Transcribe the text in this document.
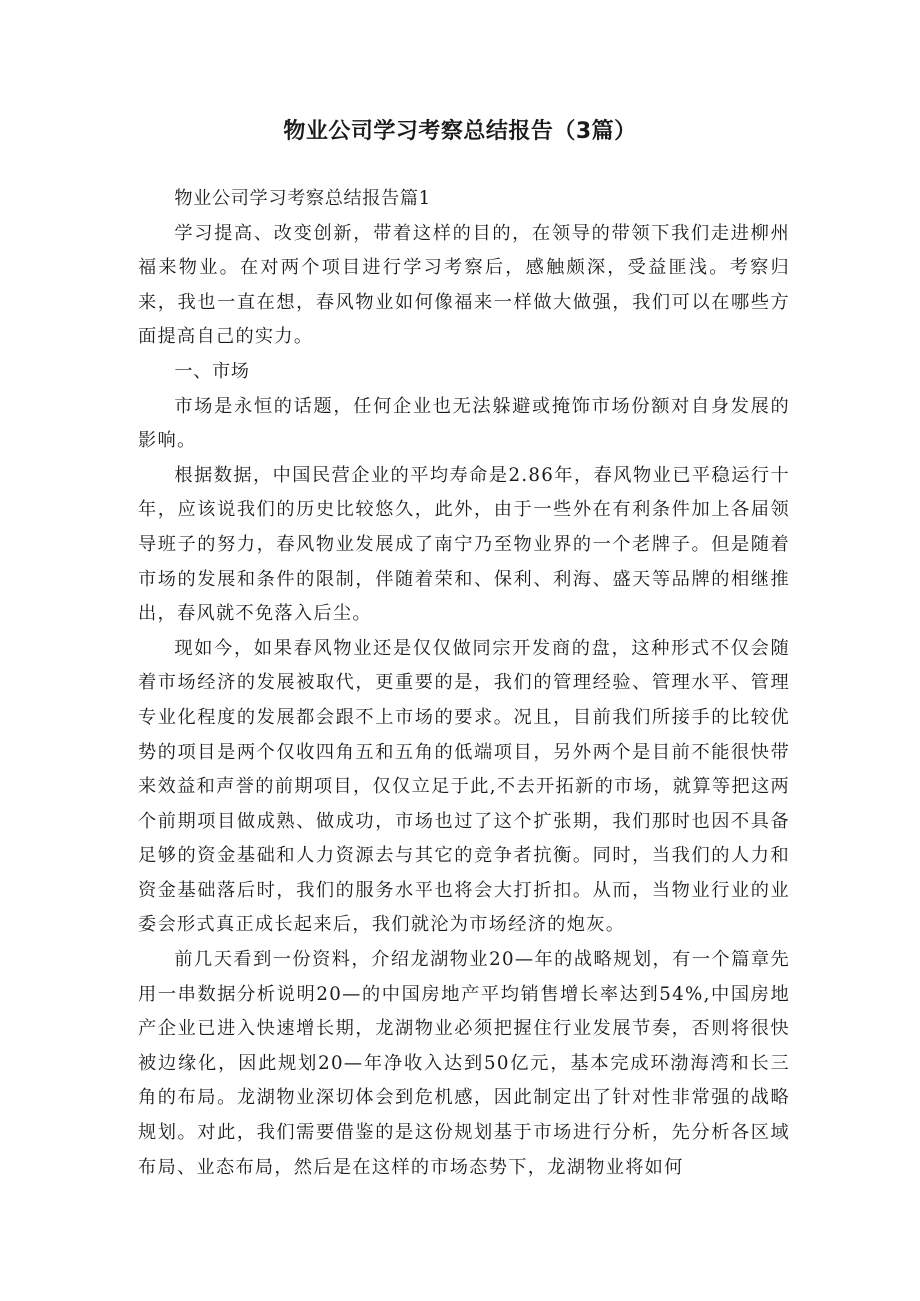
物业公司学习考察总结报告（3篇）

物业公司学习考察总结报告篇1

学习提高、改变创新，带着这样的目的，在领导的带领下我们走进柳州福来物业。在对两个项目进行学习考察后，感触颇深，受益匪浅。考察归来，我也一直在想，春风物业如何像福来一样做大做强，我们可以在哪些方面提高自己的实力。

一、市场

市场是永恒的话题，任何企业也无法躲避或掩饰市场份额对自身发展的影响。

根据数据，中国民营企业的平均寿命是2.86年，春风物业已平稳运行十年，应该说我们的历史比较悠久，此外，由于一些外在有利条件加上各届领导班子的努力，春风物业发展成了南宁乃至物业界的一个老牌子。但是随着市场的发展和条件的限制，伴随着荣和、保利、利海、盛天等品牌的相继推出，春风就不免落入后尘。

现如今，如果春风物业还是仅仅做同宗开发商的盘，这种形式不仅会随着市场经济的发展被取代，更重要的是，我们的管理经验、管理水平、管理专业化程度的发展都会跟不上市场的要求。况且，目前我们所接手的比较优势的项目是两个仅收四角五和五角的低端项目，另外两个是目前不能很快带来效益和声誉的前期项目，仅仅立足于此,不去开拓新的市场，就算等把这两个前期项目做成熟、做成功，市场也过了这个扩张期，我们那时也因不具备足够的资金基础和人力资源去与其它的竞争者抗衡。同时，当我们的人力和资金基础落后时，我们的服务水平也将会大打折扣。从而，当物业行业的业委会形式真正成长起来后，我们就沦为市场经济的炮灰。

前几天看到一份资料，介绍龙湖物业20—年的战略规划，有一个篇章先用一串数据分析说明20—的中国房地产平均销售增长率达到54%,中国房地产企业已进入快速增长期，龙湖物业必须把握住行业发展节奏，否则将很快被边缘化，因此规划20—年净收入达到50亿元，基本完成环渤海湾和长三角的布局。龙湖物业深切体会到危机感，因此制定出了针对性非常强的战略规划。对此，我们需要借鉴的是这份规划基于市场进行分析，先分析各区域布局、业态布局，然后是在这样的市场态势下，龙湖物业将如何
